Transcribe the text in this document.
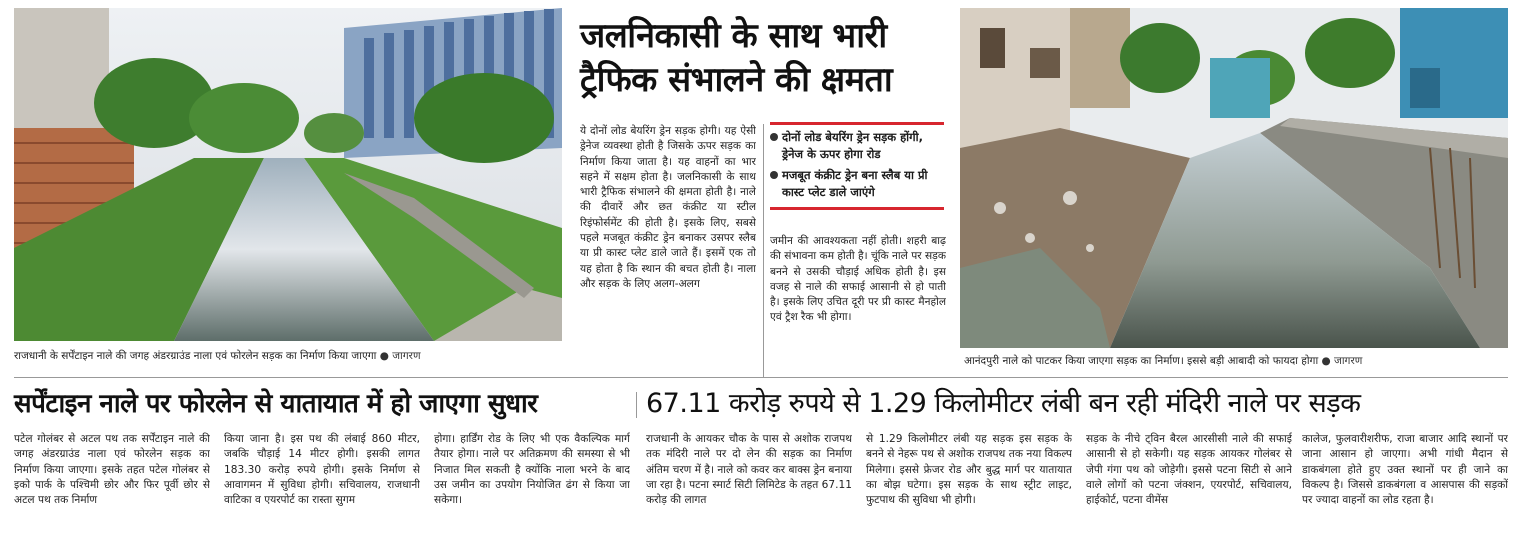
राजधानी के सर्पेंटाइन नाले की जगह अंडरग्राउंड नाला एवं फोरलेन सड़क का निर्माण किया जाएगा ● जागरण
जलनिकासी के साथ भारी ट्रैफिक संभालने की क्षमता
ये दोनों लोड बेयरिंग ड्रेन सड़क होगी। यह ऐसी ड्रेनेज व्यवस्था होती है जिसके ऊपर सड़क का निर्माण किया जाता है। यह वाहनों का भार सहने में सक्षम होता है। जलनिकासी के साथ भारी ट्रैफिक संभालने की क्षमता होती है। नाले की दीवारें और छत कंक्रीट या स्टील रिइंफोर्समेंट की होती है। इसके लिए, सबसे पहले मजबूत कंक्रीट ड्रेन बनाकर उसपर स्लैब या प्री कास्ट प्लेट डाले जाते हैं। इसमें एक तो यह होता है कि स्थान की बचत होती है। नाला और सड़क के लिए अलग-अलग
दोनों लोड बेयरिंग ड्रेन सड़क होंगी, ड्रेनेज के ऊपर होगा रोड
मजबूत कंक्रीट ड्रेन बना स्लैब या प्री कास्ट प्लेट डाले जाएंगे
जमीन की आवश्यकता नहीं होती। शहरी बाढ़ की संभावना कम होती है। चूंकि नाले पर सड़क बनने से उसकी चौड़ाई अधिक होती है। इस वजह से नाले की सफाई आसानी से हो पाती है। इसके लिए उचित दूरी पर प्री कास्ट मैनहोल एवं ट्रैश रैक भी होगा।
आनंदपुरी नाले को पाटकर किया जाएगा सड़क का निर्माण। इससे बड़ी आबादी को फायदा होगा ● जागरण
सर्पेंटाइन नाले पर फोरलेन से यातायात में हो जाएगा सुधार	67.11 करोड़ रुपये से 1.29 किलोमीटर लंबी बन रही मंदिरी नाले पर सड़क
पटेल गोलंबर से अटल पथ तक सर्पेंटाइन नाले की जगह अंडरग्राउंड नाला एवं फोरलेन सड़क का निर्माण किया जाएगा। इसके तहत पटेल गोलंबर से इको पार्क के पश्चिमी छोर और फिर पूर्वी छोर से अटल पथ तक निर्माण
किया जाना है। इस पथ की लंबाई 860 मीटर, जबकि चौड़ाई 14 मीटर होगी। इसकी लागत 183.30 करोड़ रुपये होगी। इसके निर्माण से आवागमन में सुविधा होगी। सचिवालय, राजधानी वाटिका व एयरपोर्ट का रास्ता सुगम
होगा। हार्डिंग रोड के लिए भी एक वैकल्पिक मार्ग तैयार होगा। नाले पर अतिक्रमण की समस्या से भी निजात मिल सकती है क्योंकि नाला भरने के बाद उस जमीन का उपयोग नियोजित ढंग से किया जा सकेगा।
राजधानी के आयकर चौक के पास से अशोक राजपथ तक मंदिरी नाले पर दो लेन की सड़क का निर्माण अंतिम चरण में है। नाले को कवर कर बाक्स ड्रेन बनाया जा रहा है। पटना स्मार्ट सिटी लिमिटेड के तहत 67.11 करोड़ की लागत
से 1.29 किलोमीटर लंबी यह सड़क इस सड़क के बनने से नेहरू पथ से अशोक राजपथ तक नया विकल्प मिलेगा। इससे फ्रेजर रोड और बुद्ध मार्ग पर यातायात का बोझ घटेगा। इस सड़क के साथ स्ट्रीट लाइट, फुटपाथ की सुविधा भी होगी।
सड़क के नीचे ट्विन बैरल आरसीसी नाले की सफाई आसानी से हो सकेगी। यह सड़क आयकर गोलंबर से जेपी गंगा पथ को जोड़ेगी। इससे पटना सिटी से आने वाले लोगों को पटना जंक्शन, एयरपोर्ट, सचिवालय, हाईकोर्ट, पटना वीमेंस
कालेज, फुलवारीशरीफ, राजा बाजार आदि स्थानों पर जाना आसान हो जाएगा। अभी गांधी मैदान से डाकबंगला होते हुए उक्त स्थानों पर ही जाने का विकल्प है। जिससे डाकबंगला व आसपास की सड़कों पर ज्यादा वाहनों का लोड रहता है।
